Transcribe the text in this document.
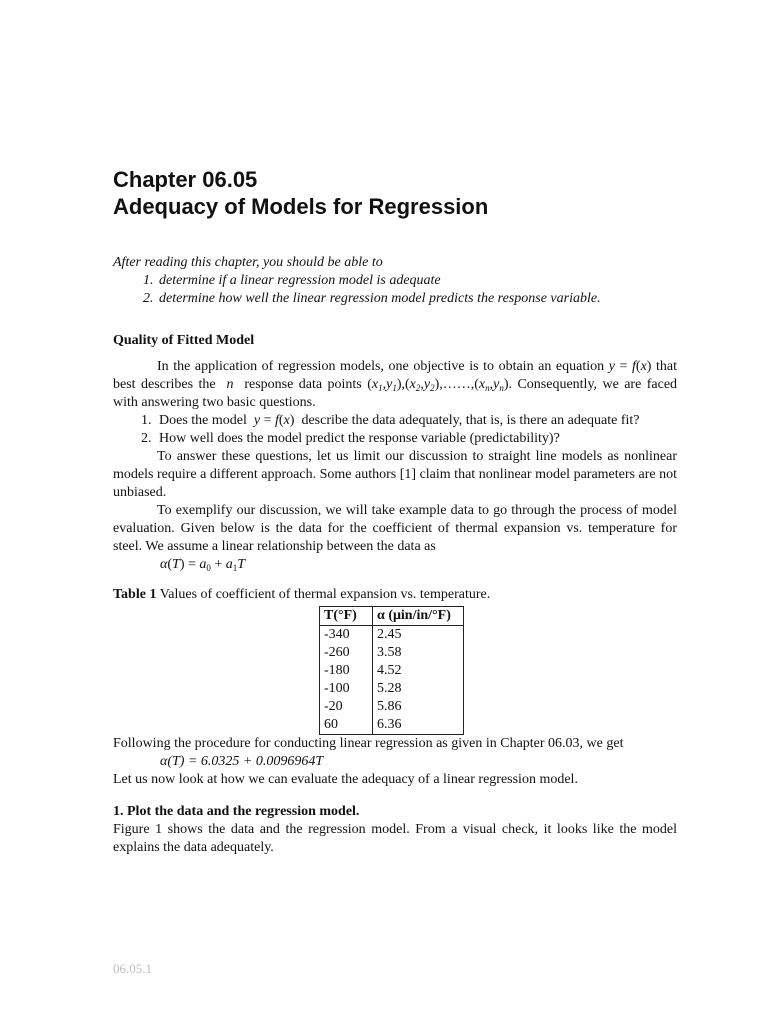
Chapter 06.05
Adequacy of Models for Regression
After reading this chapter, you should be able to
1. determine if a linear regression model is adequate
2. determine how well the linear regression model predicts the response variable.
Quality of Fitted Model
In the application of regression models, one objective is to obtain an equation y = f(x) that best describes the  n  response data points $(x_1,y_1),(x_2,y_2),\dots\dots,(x_n,y_n)$. Consequently, we are faced with answering two basic questions.
1. Does the model  y = f(x) describe the data adequately, that is, is there an adequate fit?
2. How well does the model predict the response variable (predictability)?
To answer these questions, let us limit our discussion to straight line models as nonlinear models require a different approach. Some authors [1] claim that nonlinear model parameters are not unbiased.
To exemplify our discussion, we will take example data to go through the process of model evaluation. Given below is the data for the coefficient of thermal expansion vs. temperature for steel. We assume a linear relationship between the data as
$\alpha(T) = a_0 + a_1T$
Table 1 Values of coefficient of thermal expansion vs. temperature.
T(°F)	α (μin/in/°F)
-340	2.45
-260	3.58
-180	4.52
-100	5.28
-20	5.86
60	6.36
Following the procedure for conducting linear regression as given in Chapter 06.03, we get
α(T) = 6.0325 + 0.0096964T
Let us now look at how we can evaluate the adequacy of a linear regression model.
1. Plot the data and the regression model.
Figure 1 shows the data and the regression model. From a visual check, it looks like the model explains the data adequately.
06.05.1
